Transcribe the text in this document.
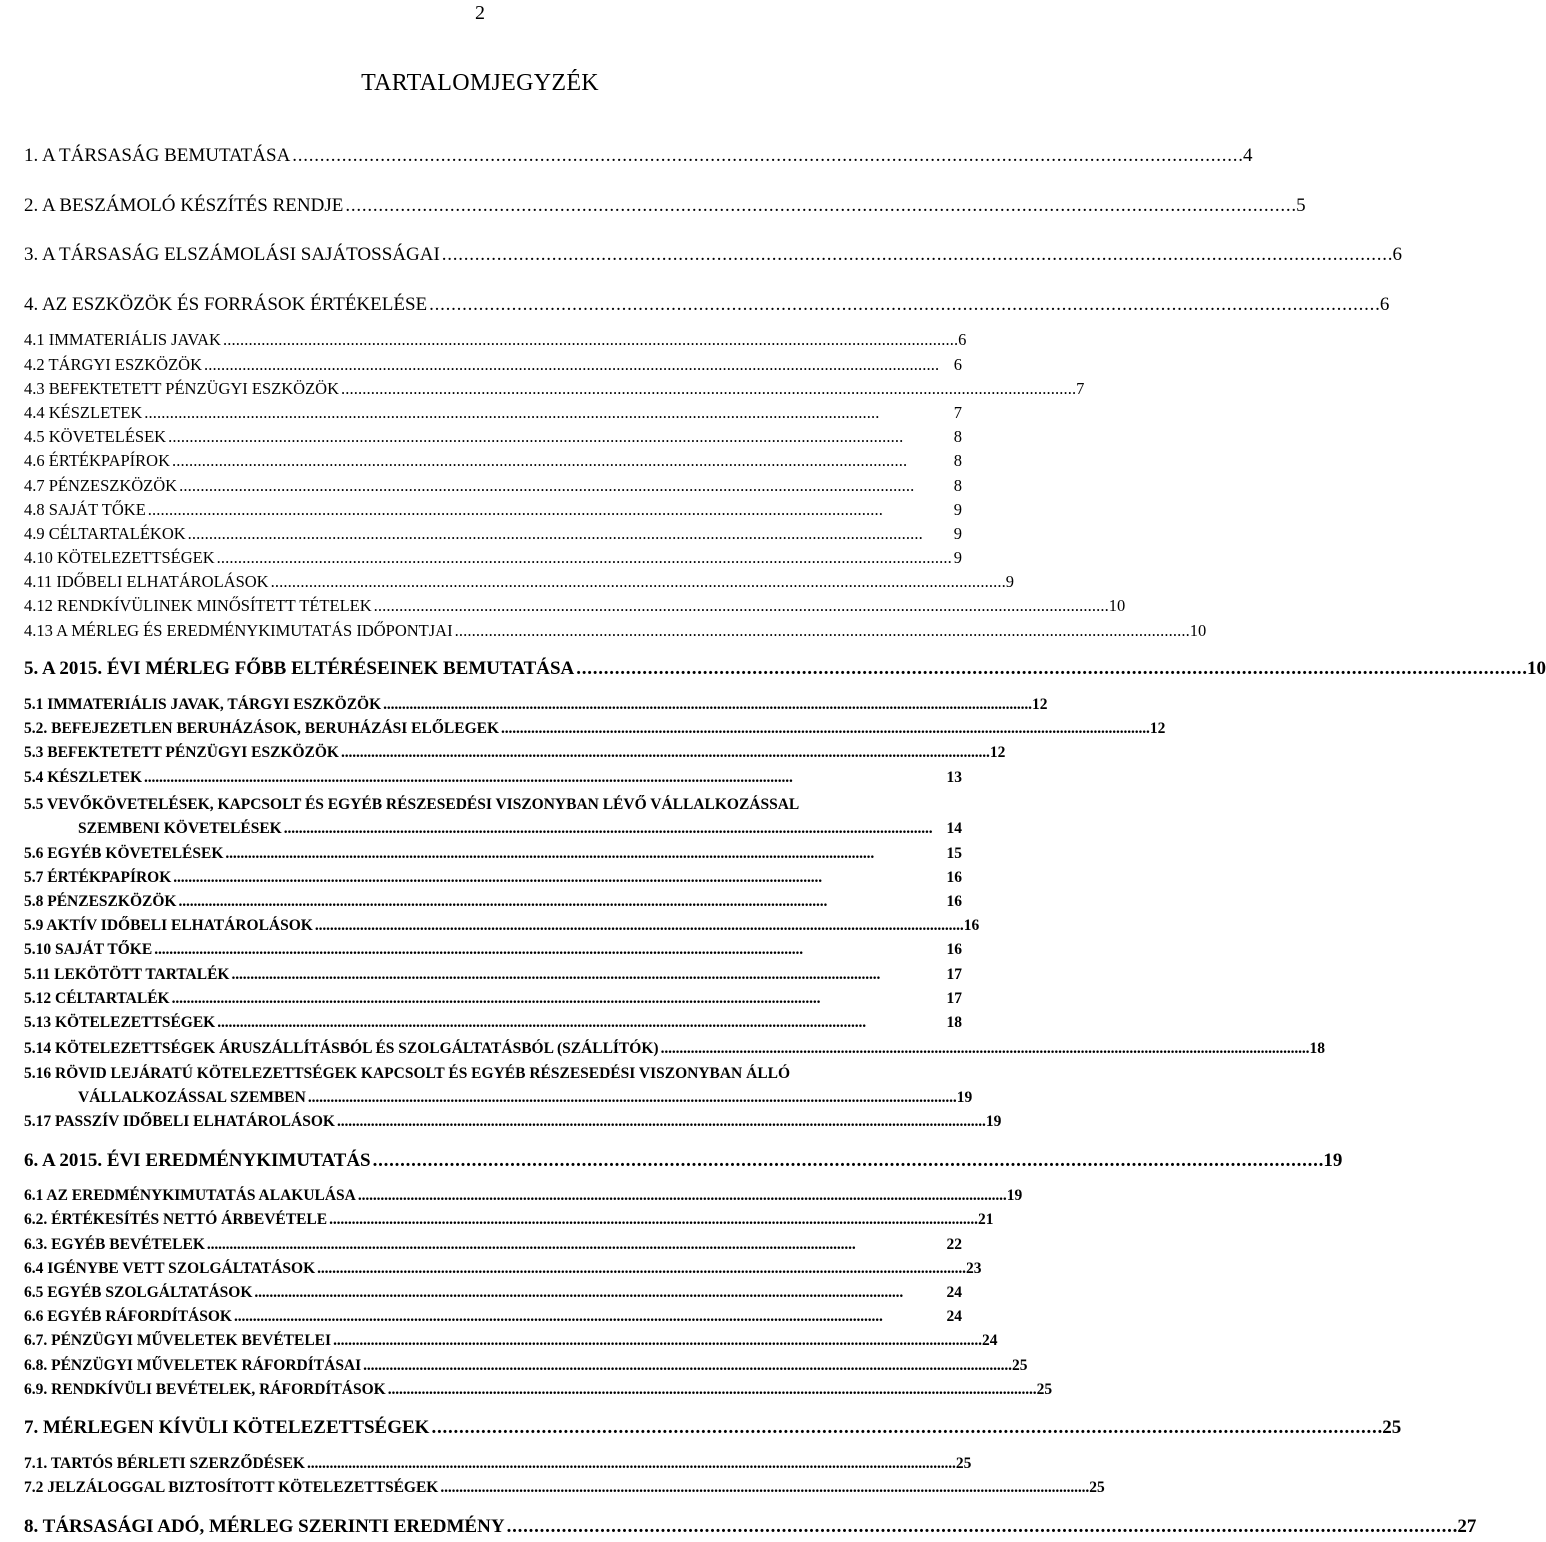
2
TARTALOMJEGYZÉK
1. A TÁRSASÁG BEMUTATÁSA . . .	4
2. A BESZÁMOLÓ KÉSZÍTÉS RENDJE . . .	5
3. A TÁRSASÁG ELSZÁMOLÁSI SAJÁTOSSÁGAI . . .	6
4. AZ ESZKÖZÖK ÉS FORRÁSOK ÉRTÉKELÉSE . . .	6
4.1 IMMATERIÁLIS JAVAK . . .	6
4.2 TÁRGYI ESZKÖZÖK . . .	6
4.3 BEFEKTETETT PÉNZÜGYI ESZKÖZÖK . . .	7
4.4 KÉSZLETEK . . .	7
4.5 KÖVETELÉSEK . . .	8
4.6 ÉRTÉKPAPÍROK . . .	8
4.7 PÉNZESZKÖZÖK . . .	8
4.8 SAJÁT TŐKE . . .	9
4.9 CÉLTARTALÉKOK . . .	9
4.10 KÖTELEZETTSÉGEK . . .	9
4.11 IDŐBELI ELHATÁROLÁSOK . . .	9
4.12 RENDKÍVÜLINEK MINŐSÍTETT TÉTELEK . . .	10
4.13 A MÉRLEG ÉS EREDMÉNYKIMUTATÁS IDŐPONTJAI . . .	10
5. A 2015. ÉVI MÉRLEG FŐBB ELTÉRÉSEINEK BEMUTATÁSA . . .	10
5.1 IMMATERIÁLIS JAVAK, TÁRGYI ESZKÖZÖK . . .	12
5.2. BEFEJEZETLEN BERUHÁZÁSOK, BERUHÁZÁSI ELŐLEGEK . . .	12
5.3 BEFEKTETETT PÉNZÜGYI ESZKÖZÖK . . .	12
5.4 KÉSZLETEK . . .	13
5.5 VEVŐKÖVETELÉSEK, KAPCSOLT ÉS EGYÉB RÉSZESEDÉSI VISZONYBAN LÉVŐ VÁLLALKOZÁSSAL
SZEMBENI KÖVETELÉSEK . . .	14
5.6 EGYÉB KÖVETELÉSEK . . .	15
5.7 ÉRTÉKPAPÍROK . . .	16
5.8 PÉNZESZKÖZÖK . . .	16
5.9 AKTÍV IDŐBELI ELHATÁROLÁSOK . . .	16
5.10 SAJÁT TŐKE . . .	16
5.11 LEKÖTÖTT TARTALÉK . . .	17
5.12 CÉLTARTALÉK . . .	17
5.13 KÖTELEZETTSÉGEK . . .	18
5.14 KÖTELEZETTSÉGEK ÁRUSZÁLLÍTÁSBÓL ÉS SZOLGÁLTATÁSBÓL (SZÁLLÍTÓK) . . .	18
5.16 RÖVID LEJÁRATÚ KÖTELEZETTSÉGEK KAPCSOLT ÉS EGYÉB RÉSZESEDÉSI VISZONYBAN ÁLLÓ
VÁLLALKOZÁSSAL SZEMBEN . . .	19
5.17 PASSZÍV IDŐBELI ELHATÁROLÁSOK . . .	19
6. A 2015. ÉVI EREDMÉNYKIMUTATÁS . . .	19
6.1 AZ EREDMÉNYKIMUTATÁS ALAKULÁSA . . .	19
6.2. ÉRTÉKESÍTÉS NETTÓ ÁRBEVÉTELE . . .	21
6.3. EGYÉB BEVÉTELEK . . .	22
6.4 IGÉNYBE VETT SZOLGÁLTATÁSOK . . .	23
6.5 EGYÉB SZOLGÁLTATÁSOK . . .	24
6.6 EGYÉB RÁFORDÍTÁSOK . . .	24
6.7. PÉNZÜGYI MŰVELETEK BEVÉTELEI . . .	24
6.8. PÉNZÜGYI MŰVELETEK RÁFORDÍTÁSAI . . .	25
6.9. RENDKÍVÜLI BEVÉTELEK, RÁFORDÍTÁSOK . . .	25
7. MÉRLEGEN KÍVÜLI KÖTELEZETTSÉGEK . . .	25
7.1. TARTÓS BÉRLETI SZERZŐDÉSEK . . .	25
7.2 JELZÁLOGGAL BIZTOSÍTOTT KÖTELEZETTSÉGEK . . .	25
8. TÁRSASÁGI ADÓ, MÉRLEG SZERINTI EREDMÉNY . . .	27
